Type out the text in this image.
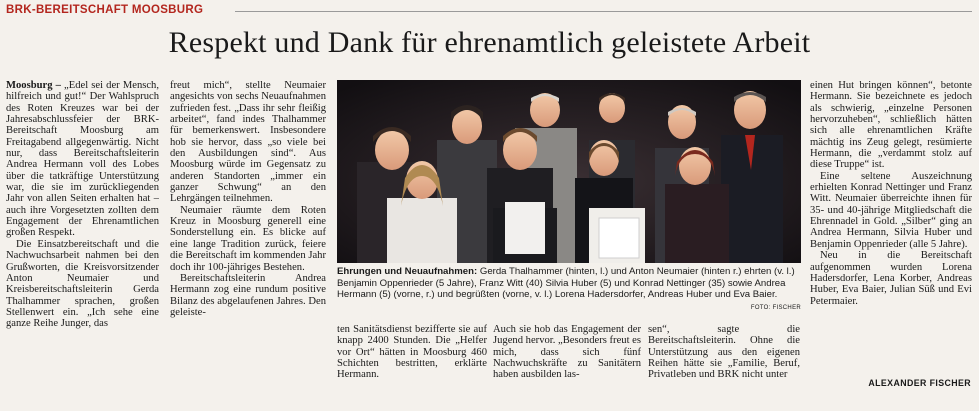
BRK-BEREITSCHAFT MOOSBURG
Respekt und Dank für ehrenamtlich geleistete Arbeit

Moosburg – „Edel sei der Mensch, hilfreich und gut!“ Der Wahlspruch des Roten Kreuzes war bei der Jahresabschlussfeier der BRK-Bereitschaft Moosburg am Freitagabend allgegenwärtig. Nicht nur, dass Bereitschaftsleiterin Andrea Hermann voll des Lobes über die tatkräftige Unterstützung war, die sie im zurückliegenden Jahr von allen Seiten erhalten hat – auch ihre Vorgesetzten zollten dem Engagement der Ehrenamtlichen großen Respekt.

Die Einsatzbereitschaft und die Nachwuchsarbeit nahmen bei den Grußworten, die Kreisvorsitzender Anton Neumaier und Kreisbereitschaftsleiterin Gerda Thalhammer sprachen, großen Stellenwert ein. „Ich sehe eine ganze Reihe Junger, das

freut mich“, stellte Neumaier angesichts von sechs Neuaufnahmen zufrieden fest. „Dass ihr sehr fleißig arbeitet“, fand indes Thalhammer für bemerkenswert. Insbesondere hob sie hervor, dass „so viele bei den Ausbildungen sind“. Aus Moosburg würde im Gegensatz zu anderen Standorten „immer ein ganzer Schwung“ an den Lehrgängen teilnehmen.

Neumaier räumte dem Roten Kreuz in Moosburg generell eine Sonderstellung ein. Es blicke auf eine lange Tradition zurück, feiere die Bereitschaft im kommenden Jahr doch ihr 100-jähriges Bestehen.

Bereitschaftsleiterin Andrea Hermann zog eine rundum positive Bilanz des abgelaufenen Jahres. Den geleiste-

Ehrungen und Neuaufnahmen: Gerda Thalhammer (hinten, l.) und Anton Neumaier (hinten r.) ehrten (v. l.) Benjamin Oppenrieder (5 Jahre), Franz Witt (40) Silvia Huber (5) und Konrad Nettinger (35) sowie Andrea Hermann (5) (vorne, r.) und begrüßten (vorne, v. l.) Lorena Hadersdorfer, Andreas Huber und Eva Baier.
FOTO: FISCHER

ten Sanitätsdienst bezifferte sie auf knapp 2400 Stunden. Die „Helfer vor Ort“ hätten in Moosburg 460 Schichten bestritten, erklärte Hermann.

Auch sie hob das Engagement der Jugend hervor. „Besonders freut es mich, dass sich fünf Nachwuchskräfte zu Sanitätern haben ausbilden las-

sen“, sagte die Bereitschaftsleiterin. Ohne die Unterstützung aus den eigenen Reihen hätte sie „Familie, Beruf, Privatleben und BRK nicht unter

einen Hut bringen können“, betonte Hermann. Sie bezeichnete es jedoch als schwierig, „einzelne Personen hervorzuheben“, schließlich hätten sich alle ehrenamtlichen Kräfte mächtig ins Zeug gelegt, resümierte Hermann, die „verdammt stolz auf diese Truppe“ ist.

Eine seltene Auszeichnung erhielten Konrad Nettinger und Franz Witt. Neumaier überreichte ihnen für 35- und 40-jährige Mitgliedschaft die Ehrennadel in Gold. „Silber“ ging an Andrea Hermann, Silvia Huber und Benjamin Oppenrieder (alle 5 Jahre).

Neu in die Bereitschaft aufgenommen wurden Lorena Hadersdorfer, Lena Korber, Andreas Huber, Eva Baier, Julian Süß und Evi Petermaier.

ALEXANDER FISCHER
